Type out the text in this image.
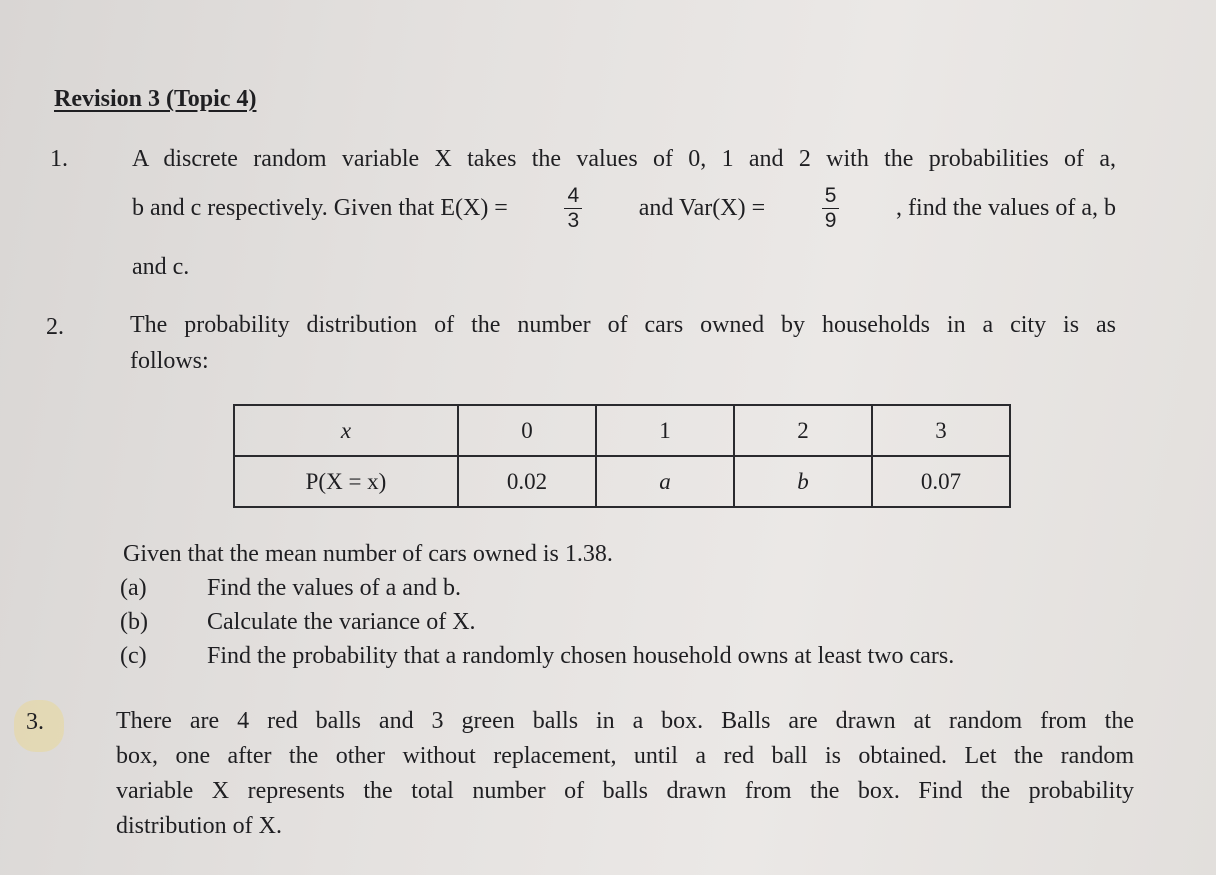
Revision 3 (Topic 4)
1.	A discrete random variable X takes the values of 0, 1 and 2 with the probabilities of a,
b and c respectively. Given that E(X) =	$\frac{4}{3}$ and Var(X) =	$\frac{5}{9}$ , find the values of a, b
and c.
2.	The probability distribution of the number of cars owned by households in a city is as
follows:
x	0	1	2	3
P(X = x)	0.02	a	b	0.07
Given that the mean number of cars owned is 1.38.
(a)	Find the values of a and b.
(b) Calculate the variance of X.
(c)	Find the probability that a randomly chosen household owns at least two cars.
3.	There are 4 red balls and 3 green balls in a box. Balls are drawn at random from the
box, one after the other without replacement, until a red ball is obtained. Let the random
variable X represents the total number of balls drawn from the box. Find the probability
distribution of X.
